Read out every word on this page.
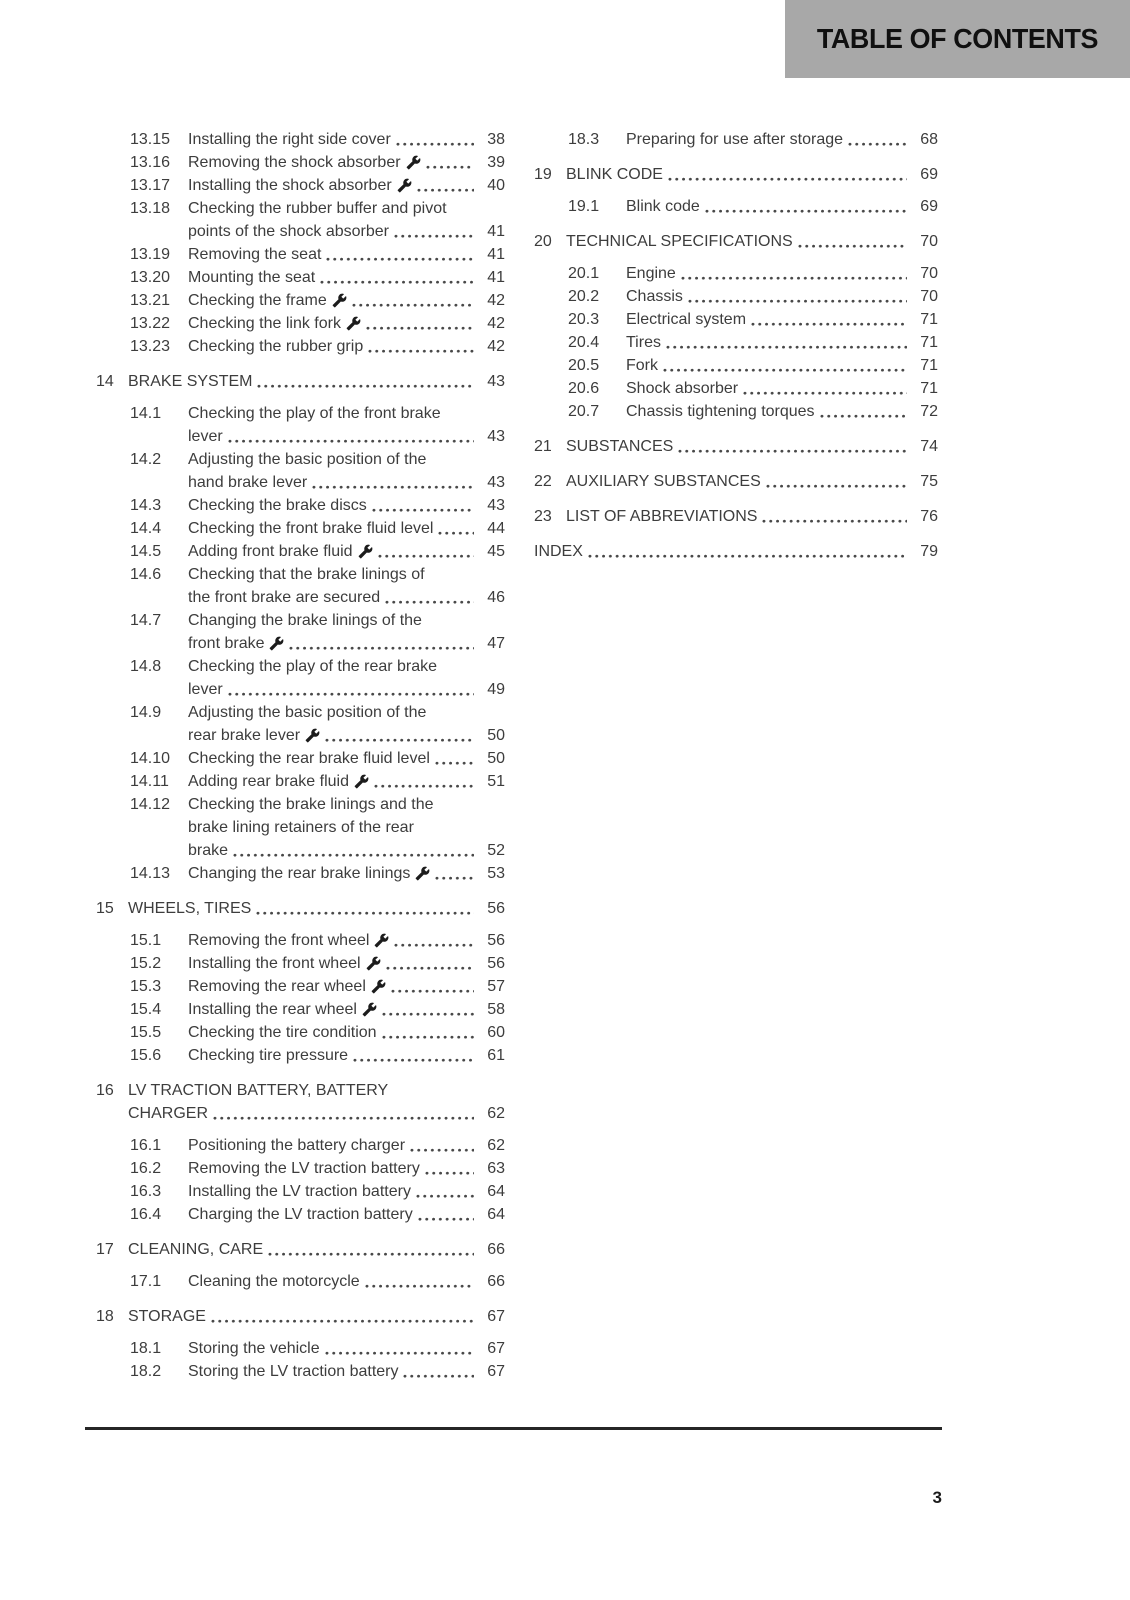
TABLE OF CONTENTS
13.15	Installing the right side cover	38
13.16	Removing the shock absorber	39
13.17	Installing the shock absorber	40
13.18	Checking the rubber buffer and pivot
points of the shock absorber	41
13.19	Removing the seat	41
13.20	Mounting the seat	41
13.21	Checking the frame	42
13.22	Checking the link fork	42
13.23	Checking the rubber grip	42
14 BRAKE SYSTEM	43
14.1	Checking the play of the front brake
lever	43
14.2	Adjusting the basic position of the
hand brake lever	43
14.3	Checking the brake discs	43
14.4	Checking the front brake fluid level	44
14.5	Adding front brake fluid	45
14.6	Checking that the brake linings of
the front brake are secured	46
14.7	Changing the brake linings of the
front brake	47
14.8	Checking the play of the rear brake
lever	49
14.9	Adjusting the basic position of the
rear brake lever	50
14.10	Checking the rear brake fluid level	50
14.11	Adding rear brake fluid	51
14.12	Checking the brake linings and the
brake lining retainers of the rear
brake	52
14.13	Changing the rear brake linings	53
15 WHEELS, TIRES	56
15.1	Removing the front wheel	56
15.2	Installing the front wheel	56
15.3	Removing the rear wheel	57
15.4	Installing the rear wheel	58
15.5	Checking the tire condition	60
15.6	Checking tire pressure	61
16 LV TRACTION BATTERY, BATTERY
CHARGER	62
16.1	Positioning the battery charger	62
16.2	Removing the LV traction battery	63
16.3	Installing the LV traction battery	64
16.4	Charging the LV traction battery	64
17 CLEANING, CARE	66
17.1	Cleaning the motorcycle	66
18 STORAGE	67
18.1	Storing the vehicle	67
18.2	Storing the LV traction battery	67
18.3	Preparing for use after storage	68
19 BLINK CODE	69
19.1	Blink code	69
20 TECHNICAL SPECIFICATIONS	70
20.1	Engine	70
20.2	Chassis	70
20.3	Electrical system	71
20.4	Tires	71
20.5	Fork	71
20.6	Shock absorber	71
20.7	Chassis tightening torques	72
21 SUBSTANCES	74
22 AUXILIARY SUBSTANCES	75
23 LIST OF ABBREVIATIONS	76
INDEX	79
3
